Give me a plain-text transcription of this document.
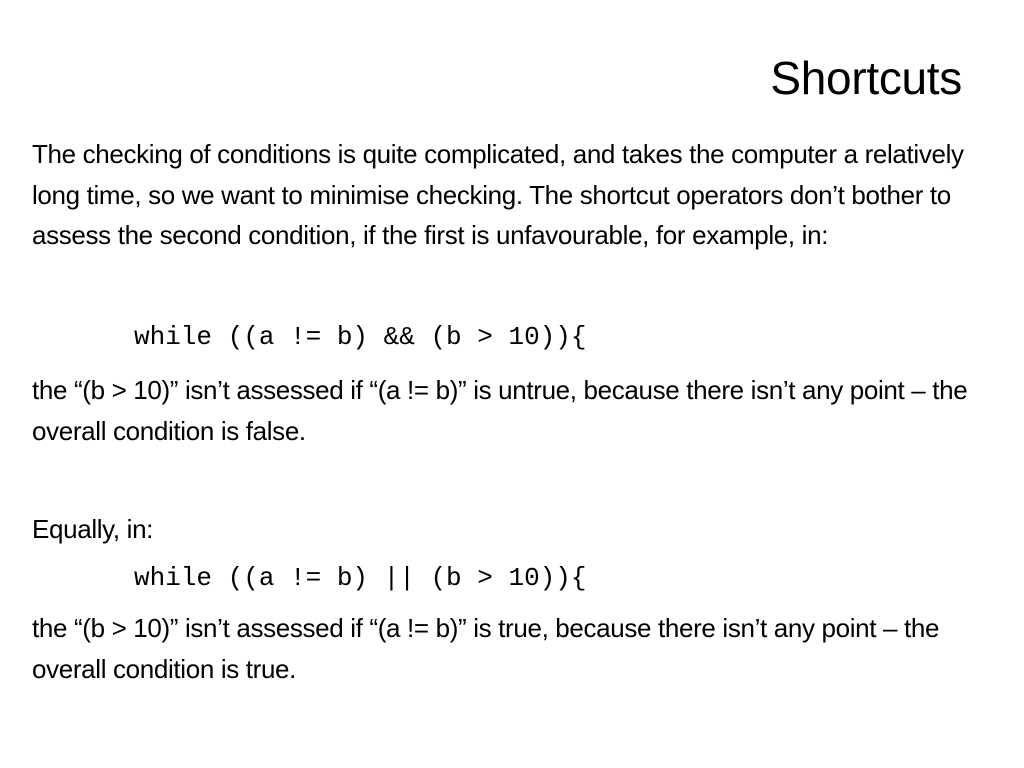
Shortcuts

The checking of conditions is quite complicated, and takes the computer a relatively long time, so we want to minimise checking. The shortcut operators don’t bother to assess the second condition, if the first is unfavourable, for example, in:

while ((a != b) && (b > 10)){

the “(b > 10)” isn’t assessed if “(a != b)” is untrue, because there isn’t any point – the overall condition is false.

Equally, in:

while ((a != b) || (b > 10)){

the “(b > 10)” isn’t assessed if “(a != b)” is true, because there isn’t any point – the overall condition is true.
